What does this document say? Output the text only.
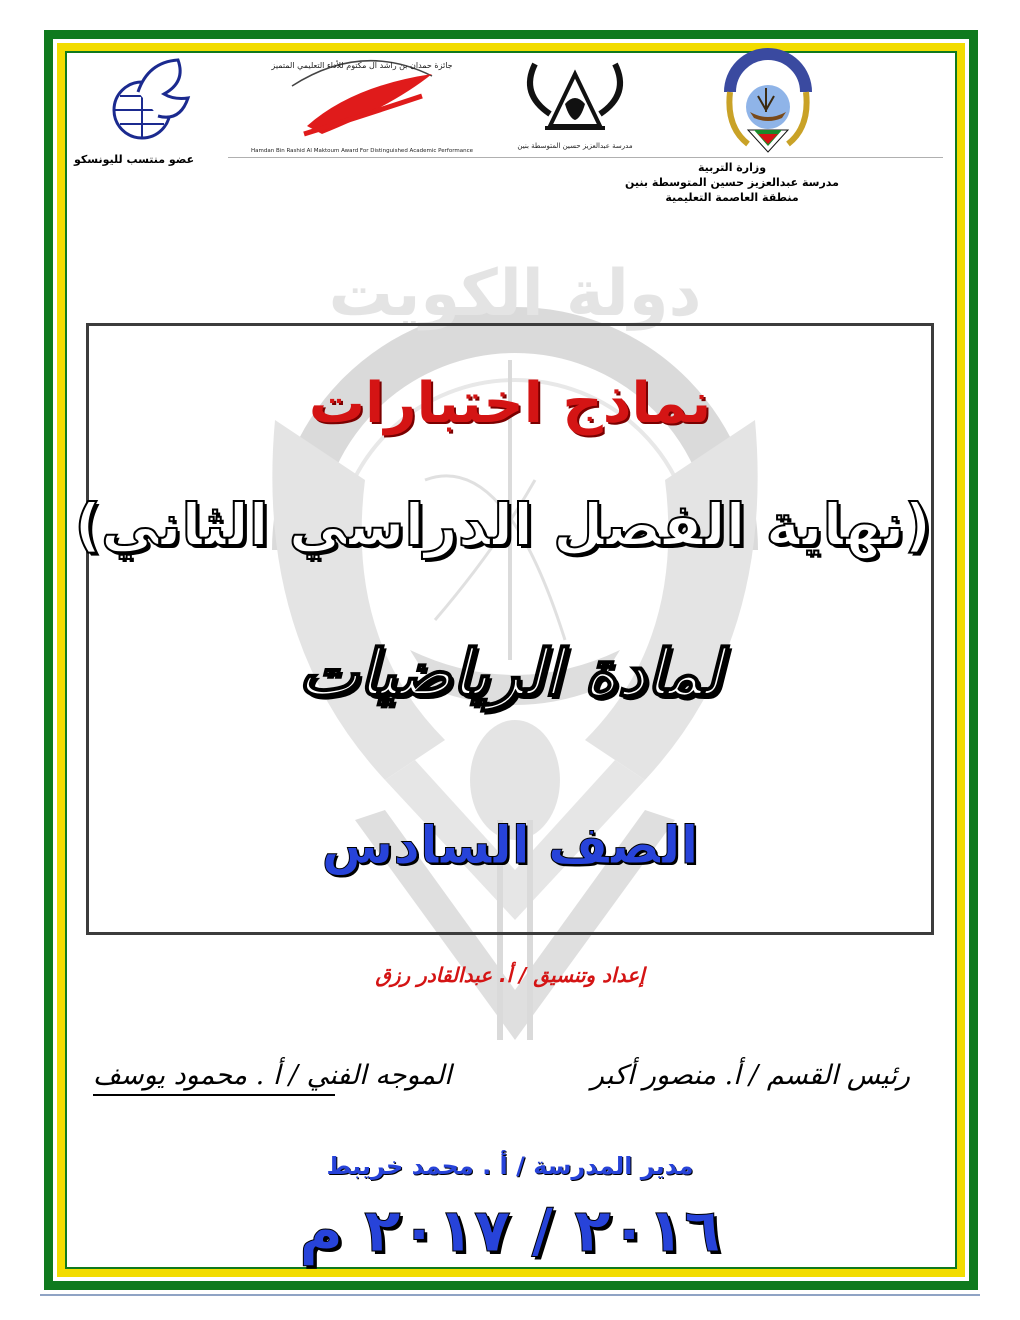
دولة الكويت
عضو منتسب لليونسكو
جائزة حمدان بن راشد آل مكتوم للأداء التعليمي المتميز
Hamdan Bin Rashid Al Maktoum Award For Distinguished Academic Performance
مدرسة عبدالعزيز حسين المتوسطة بنين
دولة الكويت
وزارة التربية
مدرسة عبدالعزيز حسين المتوسطة بنين
منطقة العاصمة التعليمية
نماذج اختبارات
(نهاية الفصل الدراسي الثاني)
لمادة الرياضيات
الصف السادس
إعداد وتنسيق / أ. عبدالقادر رزق
رئيس القسم / أ. منصور أكبر
الموجه الفني / أ . محمود يوسف
مدير المدرسة / أ . محمد خريبط
٢٠١٦ / ٢٠١٧ م
